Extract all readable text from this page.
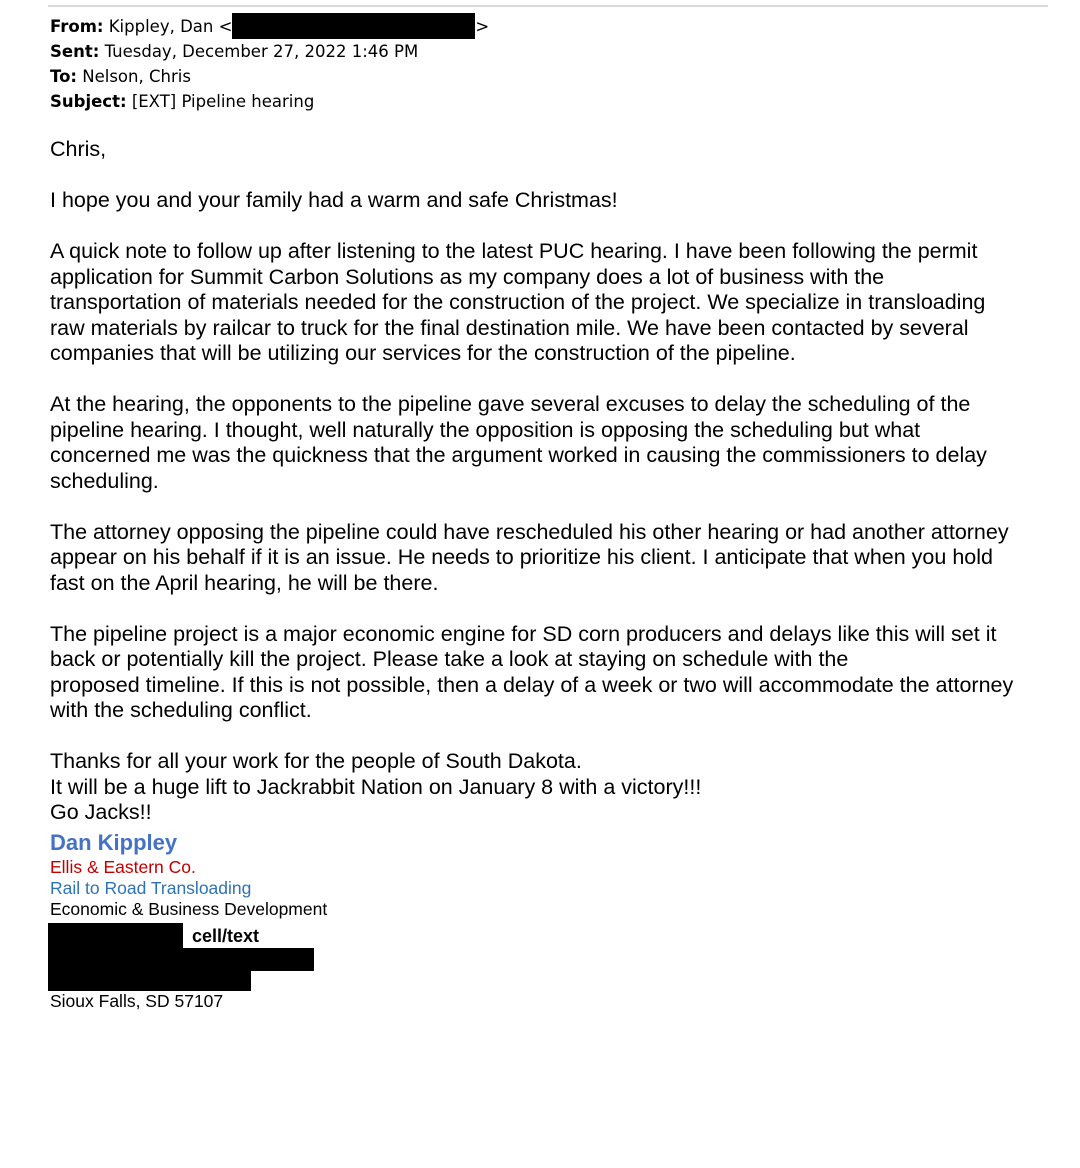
From: Kippley, Dan <	>
Sent: Tuesday, December 27, 2022 1:46 PM
To: Nelson, Chris
Subject: [EXT] Pipeline hearing

Chris,

I hope you and your family had a warm and safe Christmas!

A quick note to follow up after listening to the latest PUC hearing. I have been following the permit
application for Summit Carbon Solutions as my company does a lot of business with the
transportation of materials needed for the construction of the project. We specialize in transloading
raw materials by railcar to truck for the final destination mile. We have been contacted by several
companies that will be utilizing our services for the construction of the pipeline.

At the hearing, the opponents to the pipeline gave several excuses to delay the scheduling of the
pipeline hearing. I thought, well naturally the opposition is opposing the scheduling but what
concerned me was the quickness that the argument worked in causing the commissioners to delay
scheduling.

The attorney opposing the pipeline could have rescheduled his other hearing or had another attorney
appear on his behalf if it is an issue. He needs to prioritize his client. I anticipate that when you hold
fast on the April hearing, he will be there.

The pipeline project is a major economic engine for SD corn producers and delays like this will set it
back or potentially kill the project. Please take a look at staying on schedule with the
proposed timeline. If this is not possible, then a delay of a week or two will accommodate the attorney
with the scheduling conflict.

Thanks for all your work for the people of South Dakota.
It will be a huge lift to Jackrabbit Nation on January 8 with a victory!!!
Go Jacks!!

Dan Kippley
Ellis & Eastern Co.
Rail to Road Transloading
Economic & Business Development
cell/text
Sioux Falls, SD 57107
